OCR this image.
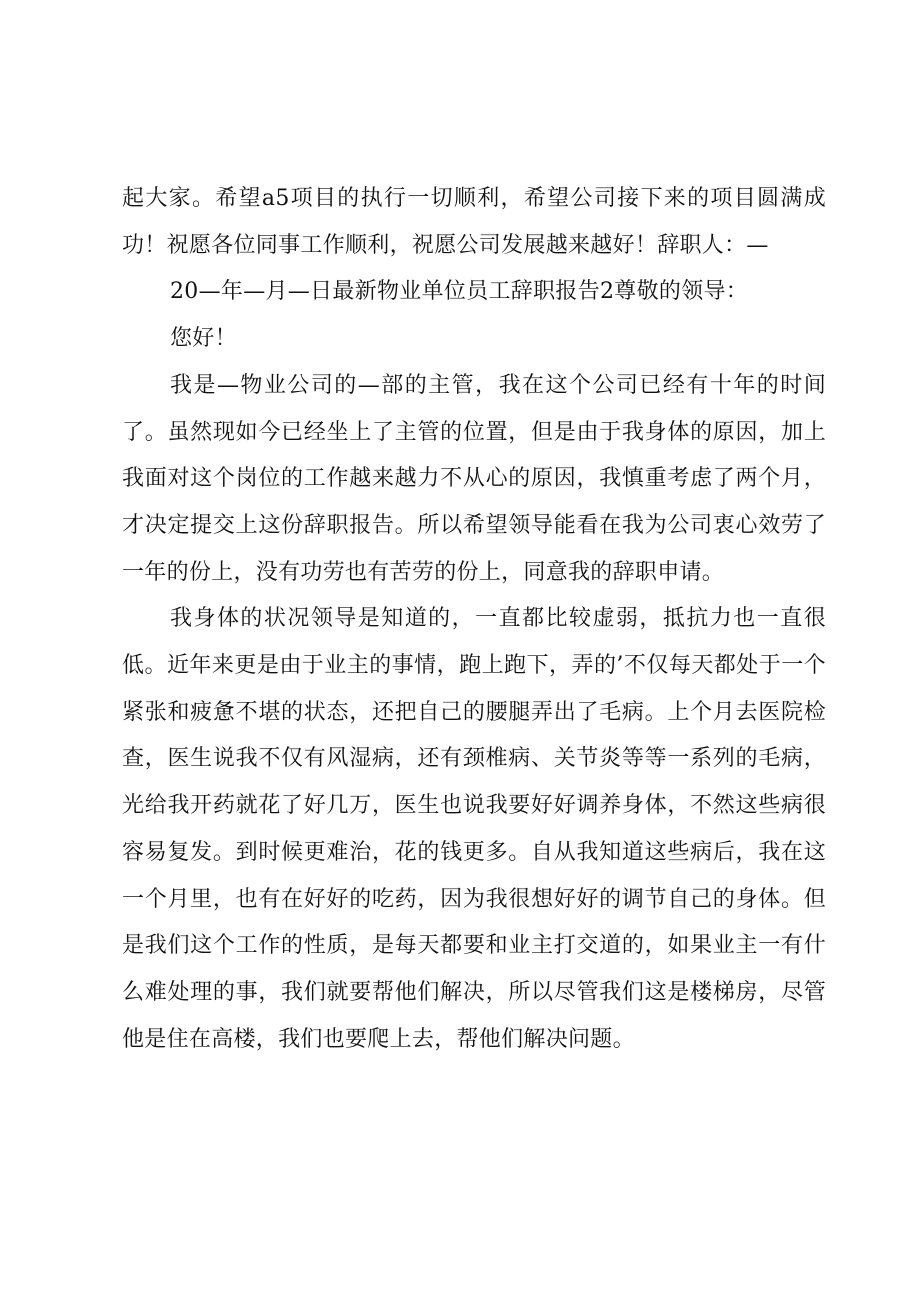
起大家。希望a5项目的执行一切顺利，希望公司接下来的项目圆满成功！祝愿各位同事工作顺利，祝愿公司发展越来越好！辞职人：—

20—年—月—日最新物业单位员工辞职报告2尊敬的领导：

您好！

我是—物业公司的—部的主管，我在这个公司已经有十年的时间了。虽然现如今已经坐上了主管的位置，但是由于我身体的原因，加上我面对这个岗位的工作越来越力不从心的原因，我慎重考虑了两个月，才决定提交上这份辞职报告。所以希望领导能看在我为公司衷心效劳了一年的份上，没有功劳也有苦劳的份上，同意我的辞职申请。

我身体的状况领导是知道的，一直都比较虚弱，抵抗力也一直很低。近年来更是由于业主的事情，跑上跑下，弄的’不仅每天都处于一个紧张和疲惫不堪的状态，还把自己的腰腿弄出了毛病。上个月去医院检查，医生说我不仅有风湿病，还有颈椎病、关节炎等等一系列的毛病，光给我开药就花了好几万，医生也说我要好好调养身体，不然这些病很容易复发。到时候更难治，花的钱更多。自从我知道这些病后，我在这一个月里，也有在好好的吃药，因为我很想好好的调节自己的身体。但是我们这个工作的性质，是每天都要和业主打交道的，如果业主一有什么难处理的事，我们就要帮他们解决，所以尽管我们这是楼梯房，尽管他是住在高楼，我们也要爬上去，帮他们解决问题。
